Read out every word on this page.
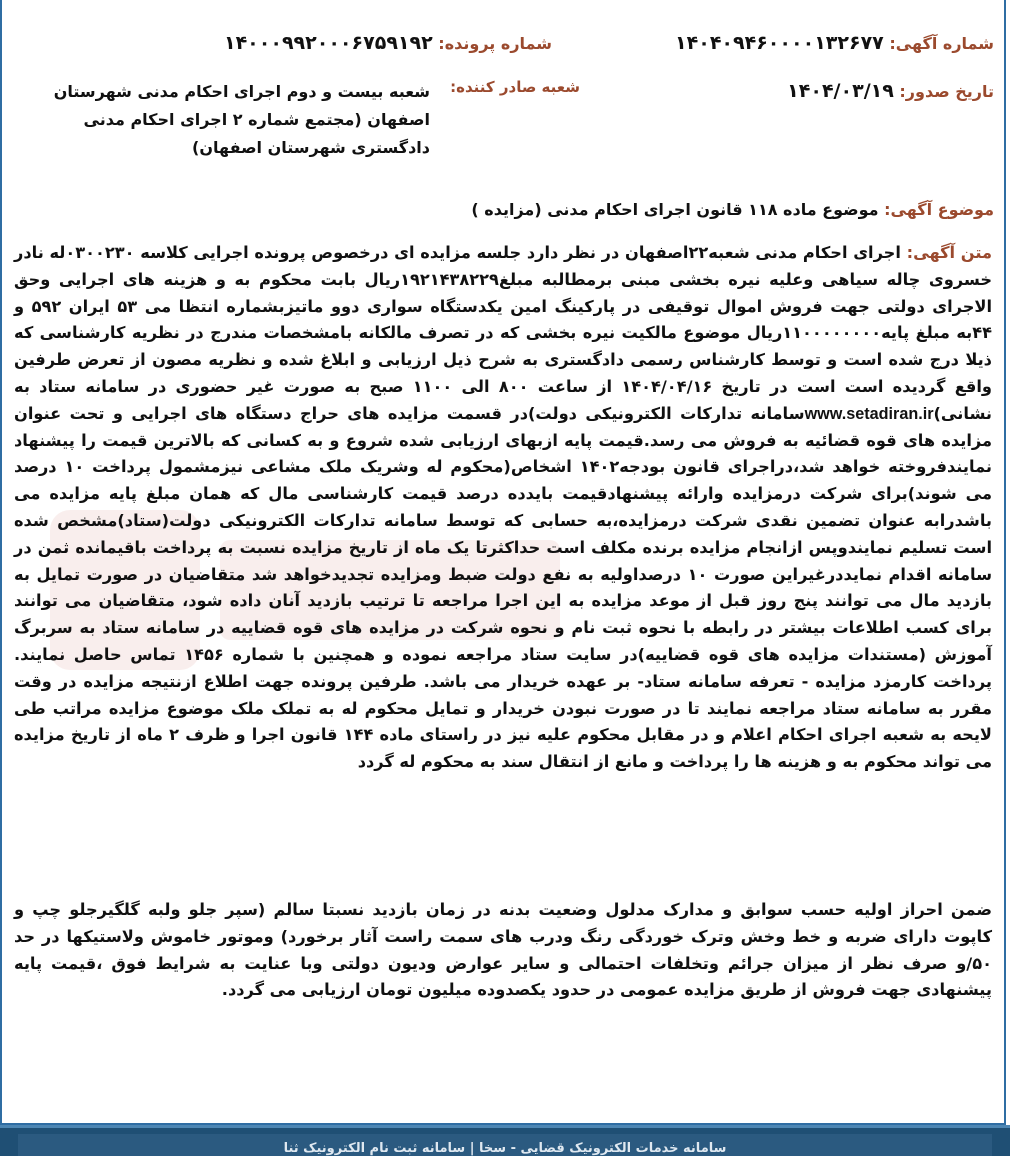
شماره آگهی: ۱۴۰۴۰۹۴۶۰۰۰۰۱۳۲۶۷۷
شماره پرونده: ۱۴۰۰۰۹۹۲۰۰۰۶۷۵۹۱۹۲
تاریخ صدور: ۱۴۰۴/۰۳/۱۹
شعبه صادر کننده:
شعبه بیست و دوم اجرای احکام مدنی شهرستان اصفهان (مجتمع شماره ۲ اجرای احکام مدنی دادگستری شهرستان اصفهان)
موضوع آگهی: موضوع ماده ۱۱۸ قانون اجرای احکام مدنی (مزایده )
متن آگهی: اجرای احکام مدنی شعبه۲۲اصفهان در نظر دارد جلسه مزایده ای درخصوص پرونده اجرایی کلاسه ۰۳۰۰۲۳۰له نادر خسروی چاله سیاهی وعلیه نیره بخشی مبنی برمطالبه مبلغ۱۹۲۱۴۳۸۲۲۹ریال بابت محکوم به و هزینه های اجرایی وحق الاجرای دولتی جهت فروش اموال توقیفی در پارکینگ امین یکدستگاه سواری دوو ماتیزبشماره انتظا می ۵۳ ایران ۵۹۲ و ۴۴به مبلغ پایه۱۱۰۰۰۰۰۰۰۰ریال موضوع مالکیت نیره بخشی که در تصرف مالکانه بامشخصات مندرج در نظریه کارشناسی که ذیلا درج شده است و توسط کارشناس رسمی دادگستری به شرح ذیل ارزیابی و ابلاغ شده و نظریه مصون از تعرض طرفین واقع گردیده است است در تاریخ ۱۴۰۴/۰۴/۱۶ از ساعت ۸۰۰ الی ۱۱۰۰ صبح به صورت غیر حضوری در سامانه ستاد به نشانی)www.setadiran.irسامانه تدارکات الکترونیکی دولت)در قسمت مزایده های حراج دستگاه های اجرایی و تحت عنوان مزایده های قوه قضائیه به فروش می رسد.قیمت پایه ازبهای ارزیابی شده شروع و به کسانی که بالاترین قیمت را پیشنهاد نمایندفروخته خواهد شد،دراجرای قانون بودجه۱۴۰۲ اشخاص(محکوم له وشریک ملک مشاعی نیزمشمول پرداخت ۱۰ درصد می شوند)برای شرکت درمزایده وارائه پیشنهادقیمت بایدده درصد قیمت کارشناسی مال که همان مبلغ پایه مزایده می باشدرابه عنوان تضمین نقدی شرکت درمزایده،به حسابی که توسط سامانه تدارکات الکترونیکی دولت(ستاد)مشخص شده است تسلیم نمایندوپس ازانجام مزایده برنده مکلف است حداکثرتا یک ماه از تاریخ مزایده نسبت به پرداخت باقیمانده ثمن در سامانه اقدام نمایددرغیراین صورت ۱۰ درصداولیه به نفع دولت ضبط ومزایده تجدیدخواهد شد متقاضیان در صورت تمایل به بازدید مال می توانند پنج روز قبل از موعد مزایده به این اجرا مراجعه تا ترتیب بازدید آنان داده شود، متقاضیان می توانند برای کسب اطلاعات بیشتر در رابطه با نحوه ثبت نام و نحوه شرکت در مزایده های قوه قضاییه در سامانه ستاد به سربرگ آموزش (مستندات مزایده های قوه قضاییه)در سایت ستاد مراجعه نموده و همچنین با شماره ۱۴۵۶ تماس حاصل نمایند. پرداخت کارمزد مزایده - تعرفه سامانه ستاد- بر عهده خریدار می باشد. طرفین پرونده جهت اطلاع ازنتیجه مزایده در وقت مقرر به سامانه ستاد مراجعه نمایند تا در صورت نبودن خریدار و تمایل محکوم له به تملک ملک موضوع مزایده مراتب طی لایحه به شعبه اجرای احکام اعلام و در مقابل محکوم علیه نیز در راستای ماده ۱۴۴ قانون اجرا و ظرف ۲ ماه از تاریخ مزایده می تواند محکوم به و هزینه ها را پرداخت و مانع از انتقال سند به محکوم له گردد
ضمن احراز اولیه حسب سوابق و مدارک مدلول وضعیت بدنه در زمان بازدید نسبتا سالم (سپر جلو ولبه گلگیرجلو چپ و کاپوت دارای ضربه و خط وخش وترک خوردگی رنگ ودرب های سمت راست آثار برخورد) وموتور خاموش ولاستیکها در حد ۵۰/و صرف نظر از میزان جرائم وتخلفات احتمالی و سایر عوارض ودیون دولتی وبا عنایت به شرایط فوق ،قیمت پایه پیشنهادی جهت فروش از طریق مزایده عمومی در حدود یکصدوده میلیون تومان ارزیابی می گردد.
سامانه خدمات الکترونیک قضایی - سخا | سامانه ثبت نام الکترونیک ثنا
